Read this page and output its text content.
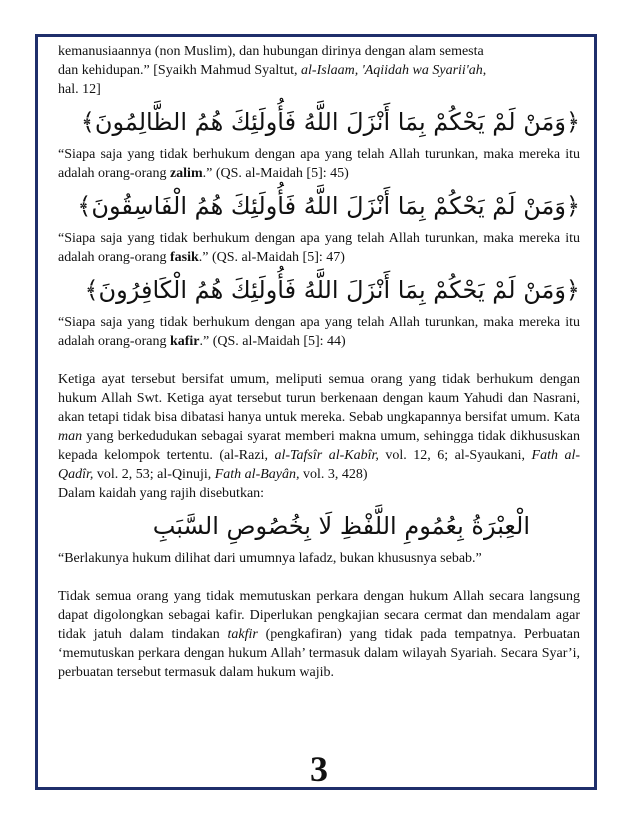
kemanusiaannya (non Muslim), dan hubungan dirinya dengan alam semesta
dan kehidupan.” [Syaikh Mahmud Syaltut, al-Islaam, 'Aqiidah wa Syarii'ah,
hal. 12]

﴿وَمَنْ لَمْ يَحْكُمْ بِمَا أَنْزَلَ اللَّهُ فَأُولَئِكَ هُمُ الظَّالِمُونَ﴾

“Siapa saja yang tidak berhukum dengan apa yang telah Allah turunkan, maka mereka itu adalah orang-orang zalim.” (QS. al-Maidah [5]: 45)

﴿وَمَنْ لَمْ يَحْكُمْ بِمَا أَنْزَلَ اللَّهُ فَأُولَئِكَ هُمُ الْفَاسِقُونَ﴾

“Siapa saja yang tidak berhukum dengan apa yang telah Allah turunkan, maka mereka itu adalah orang-orang fasik.” (QS. al-Maidah [5]: 47)

﴿وَمَنْ لَمْ يَحْكُمْ بِمَا أَنْزَلَ اللَّهُ فَأُولَئِكَ هُمُ الْكَافِرُونَ﴾

“Siapa saja yang tidak berhukum dengan apa yang telah Allah turunkan, maka mereka itu adalah orang-orang kafir.” (QS. al-Maidah [5]: 44)

Ketiga ayat tersebut bersifat umum, meliputi semua orang yang tidak berhukum dengan hukum Allah Swt. Ketiga ayat tersebut turun berkenaan dengan kaum Yahudi dan Nasrani, akan tetapi tidak bisa dibatasi hanya untuk mereka. Sebab ungkapannya bersifat umum. Kata man yang berkedudukan sebagai syarat memberi makna umum, sehingga tidak dikhususkan kepada kelompok tertentu. (al-Razi, al-Tafsîr al-Kabîr, vol. 12, 6; al-Syaukani, Fath al-Qadîr, vol. 2, 53; al-Qinuji, Fath al-Bayân, vol. 3, 428)

Dalam kaidah yang rajih disebutkan:

الْعِبْرَةُ بِعُمُومِ اللَّفْظِ لَا بِخُصُوصِ السَّبَبِ

“Berlakunya hukum dilihat dari umumnya lafadz, bukan khususnya sebab.”

Tidak semua orang yang tidak memutuskan perkara dengan hukum Allah secara langsung dapat digolongkan sebagai kafir. Diperlukan pengkajian secara cermat dan mendalam agar tidak jatuh dalam tindakan takfir (pengkafiran) yang tidak pada tempatnya. Perbuatan ‘memutuskan perkara dengan hukum Allah’ termasuk dalam wilayah Syariah. Secara Syar’i, perbuatan tersebut termasuk dalam hukum wajib.

3
